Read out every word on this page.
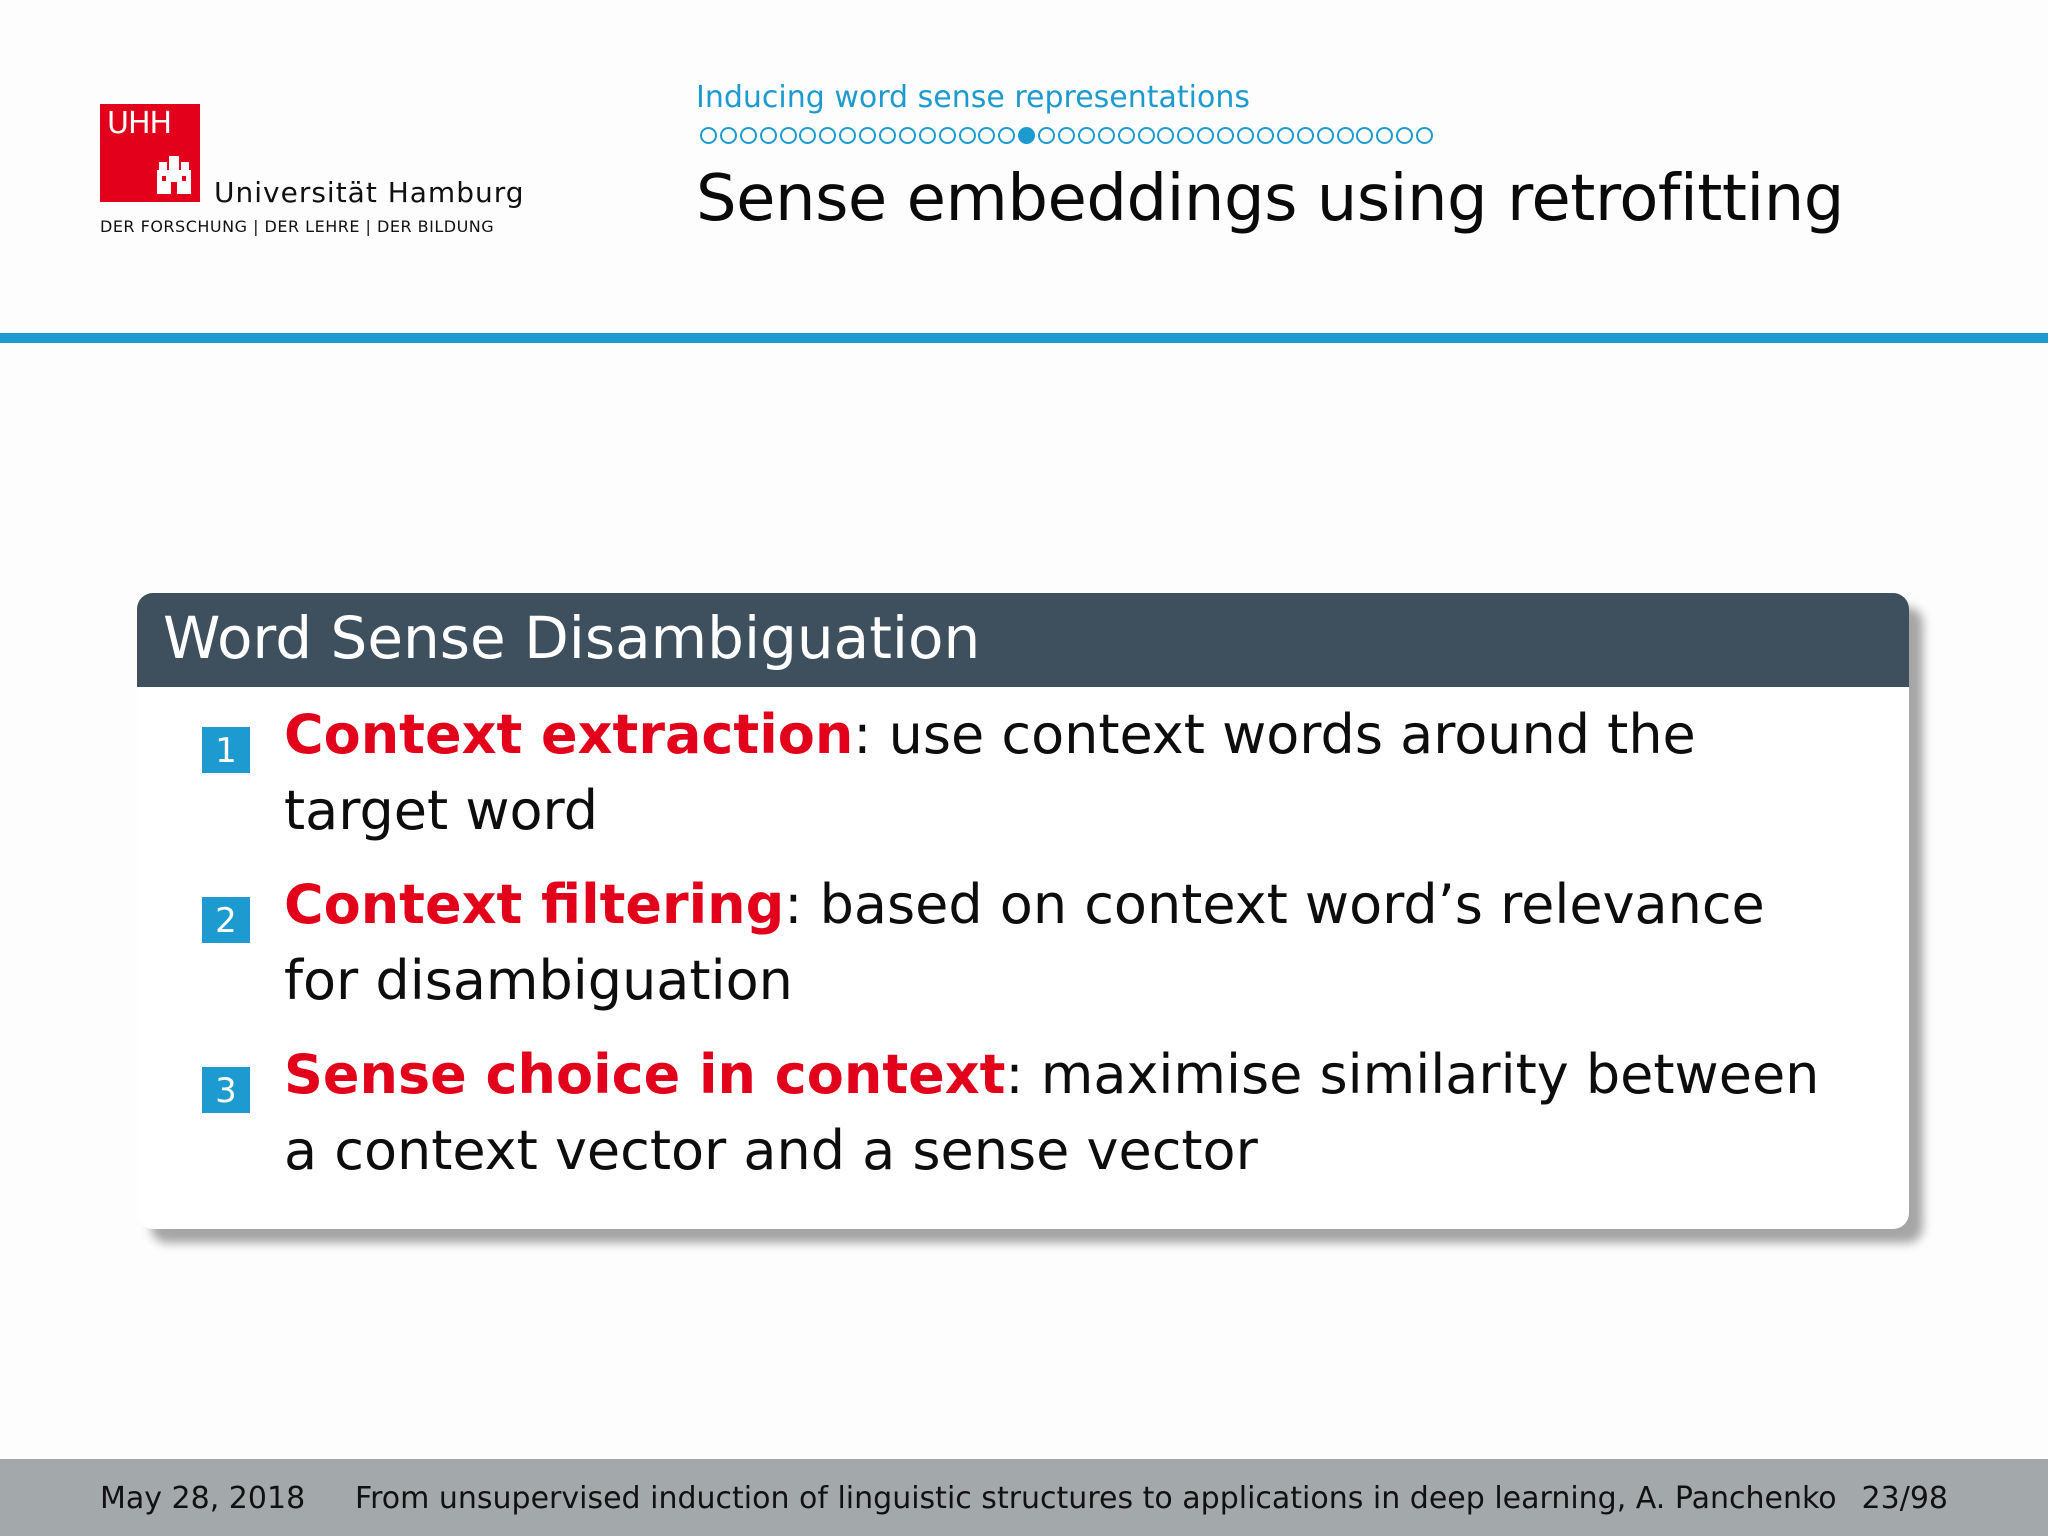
UHH
Universität Hamburg
DER FORSCHUNG | DER LEHRE | DER BILDUNG
Inducing word sense representations
Sense embeddings using retrofitting
Word Sense Disambiguation
1 Context extraction: use context words around the target word
2 Context filtering: based on context word’s relevance for disambiguation
3 Sense choice in context: maximise similarity between a context vector and a sense vector
May 28, 2018 From unsupervised induction of linguistic structures to applications in deep learning, A. Panchenko 23/98
